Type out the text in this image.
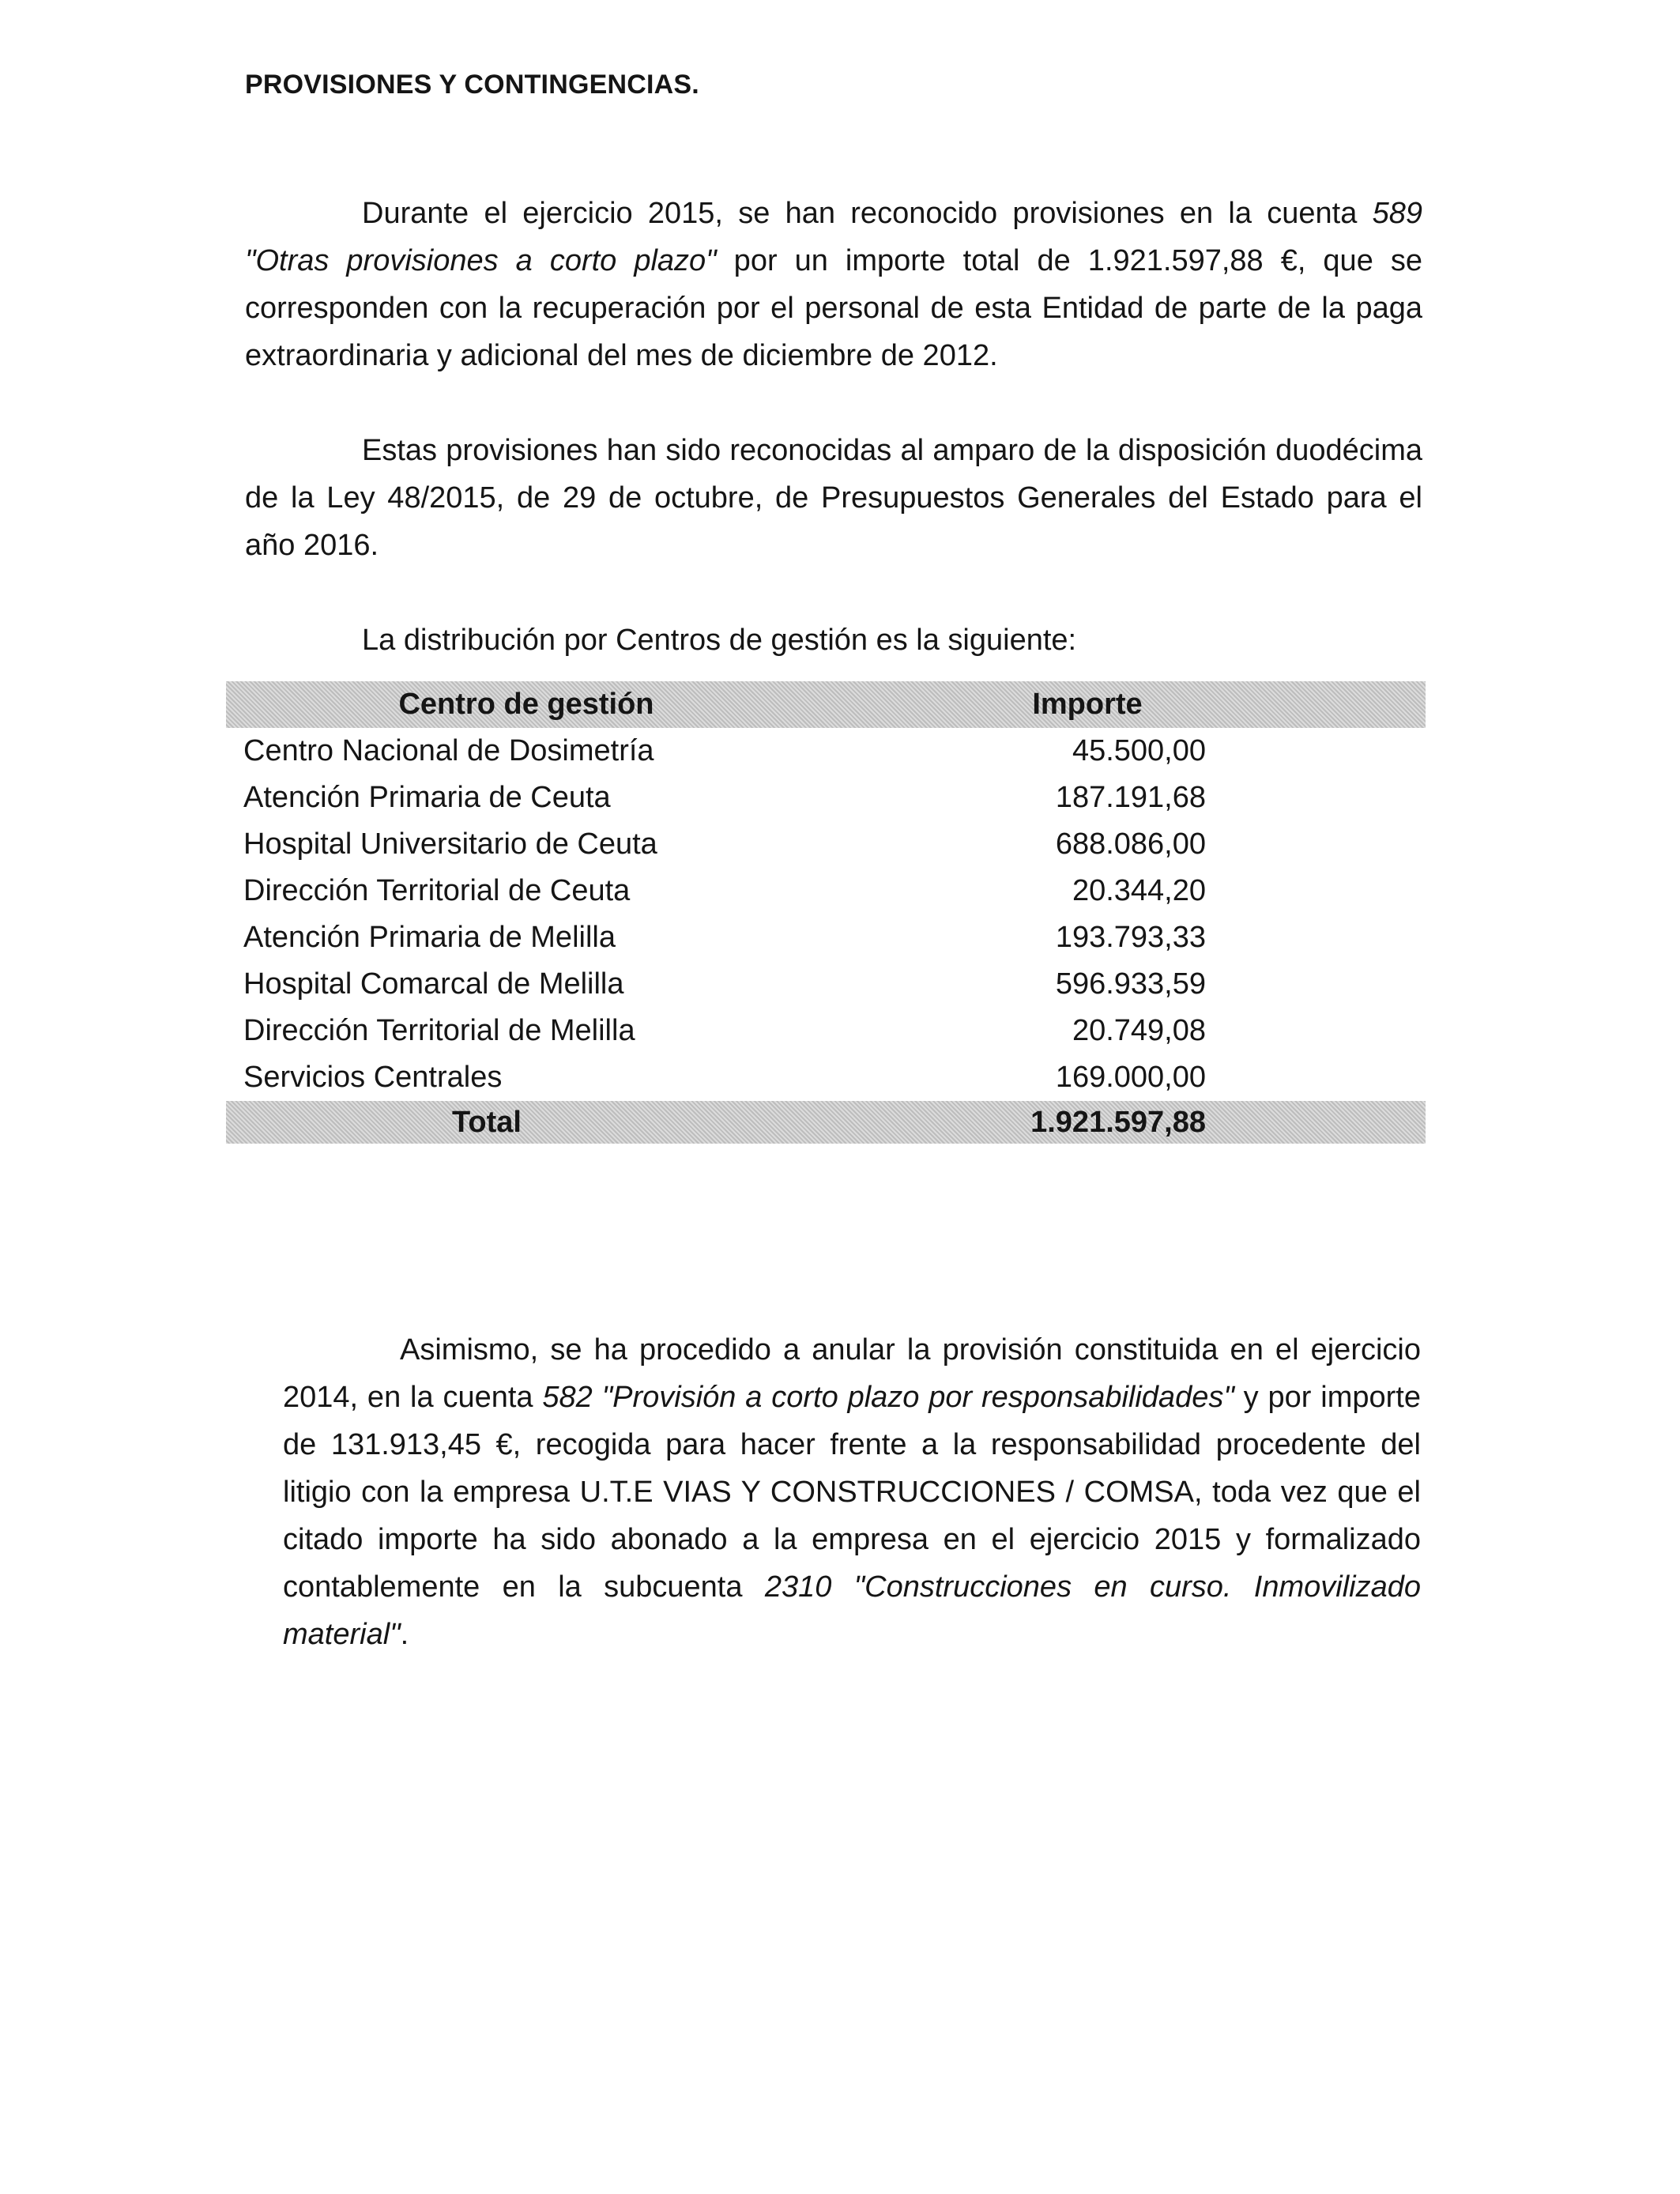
PROVISIONES Y CONTINGENCIAS.

Durante el ejercicio 2015, se han reconocido provisiones en la cuenta 589 "Otras provisiones a corto plazo" por un importe total de 1.921.597,88 €, que se corresponden con la recuperación por el personal de esta Entidad de parte de la paga extraordinaria y adicional del mes de diciembre de 2012.

Estas provisiones han sido reconocidas al amparo de la disposición duodécima de la Ley 48/2015, de 29 de octubre, de Presupuestos Generales del Estado para el año 2016.

La distribución por Centros de gestión es la siguiente:

Centro de gestión	Importe	
Centro Nacional de Dosimetría	45.500,00	
Atención Primaria de Ceuta	187.191,68	
Hospital Universitario de Ceuta	688.086,00	
Dirección Territorial de Ceuta	20.344,20	
Atención Primaria de Melilla	193.793,33	
Hospital Comarcal de Melilla	596.933,59	
Dirección Territorial de Melilla	20.749,08	
Servicios Centrales	169.000,00	
Total	1.921.597,88	

Asimismo, se ha procedido a anular la provisión constituida en el ejercicio 2014, en la cuenta 582 "Provisión a corto plazo por responsabilidades" y por importe de 131.913,45 €, recogida para hacer frente a la responsabilidad procedente del litigio con la empresa U.T.E VIAS Y CONSTRUCCIONES / COMSA, toda vez que el citado importe ha sido abonado a la empresa en el ejercicio 2015 y formalizado contablemente en la subcuenta 2310 "Construcciones en curso. Inmovilizado material".
